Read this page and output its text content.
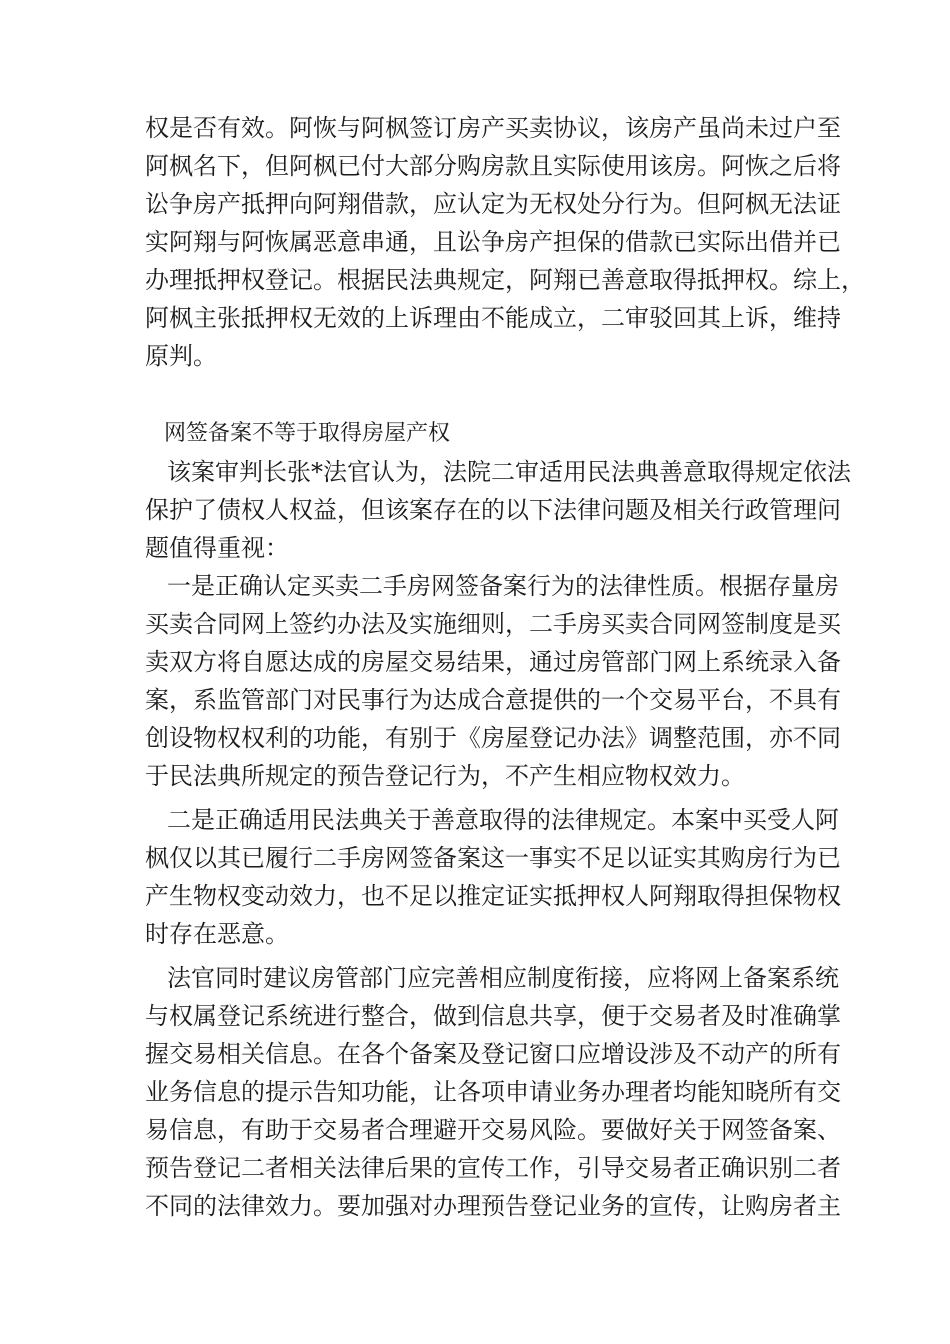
权是否有效。阿恢与阿枫签订房产买卖协议，该房产虽尚未过户至
阿枫名下，但阿枫已付大部分购房款且实际使用该房。阿恢之后将
讼争房产抵押向阿翔借款，应认定为无权处分行为。但阿枫无法证
实阿翔与阿恢属恶意串通，且讼争房产担保的借款已实际出借并已
办理抵押权登记。根据民法典规定，阿翔已善意取得抵押权。综上，
阿枫主张抵押权无效的上诉理由不能成立，二审驳回其上诉，维持
原判。
网签备案不等于取得房屋产权
该案审判长张*法官认为，法院二审适用民法典善意取得规定依法
保护了债权人权益，但该案存在的以下法律问题及相关行政管理问
题值得重视：
一是正确认定买卖二手房网签备案行为的法律性质。根据存量房
买卖合同网上签约办法及实施细则，二手房买卖合同网签制度是买
卖双方将自愿达成的房屋交易结果，通过房管部门网上系统录入备
案，系监管部门对民事行为达成合意提供的一个交易平台，不具有
创设物权权利的功能，有别于《房屋登记办法》调整范围，亦不同
于民法典所规定的预告登记行为，不产生相应物权效力。
二是正确适用民法典关于善意取得的法律规定。本案中买受人阿
枫仅以其已履行二手房网签备案这一事实不足以证实其购房行为已
产生物权变动效力，也不足以推定证实抵押权人阿翔取得担保物权
时存在恶意。
法官同时建议房管部门应完善相应制度衔接，应将网上备案系统
与权属登记系统进行整合，做到信息共享，便于交易者及时准确掌
握交易相关信息。在各个备案及登记窗口应增设涉及不动产的所有
业务信息的提示告知功能，让各项申请业务办理者均能知晓所有交
易信息，有助于交易者合理避开交易风险。要做好关于网签备案、
预告登记二者相关法律后果的宣传工作，引导交易者正确识别二者
不同的法律效力。要加强对办理预告登记业务的宣传，让购房者主
